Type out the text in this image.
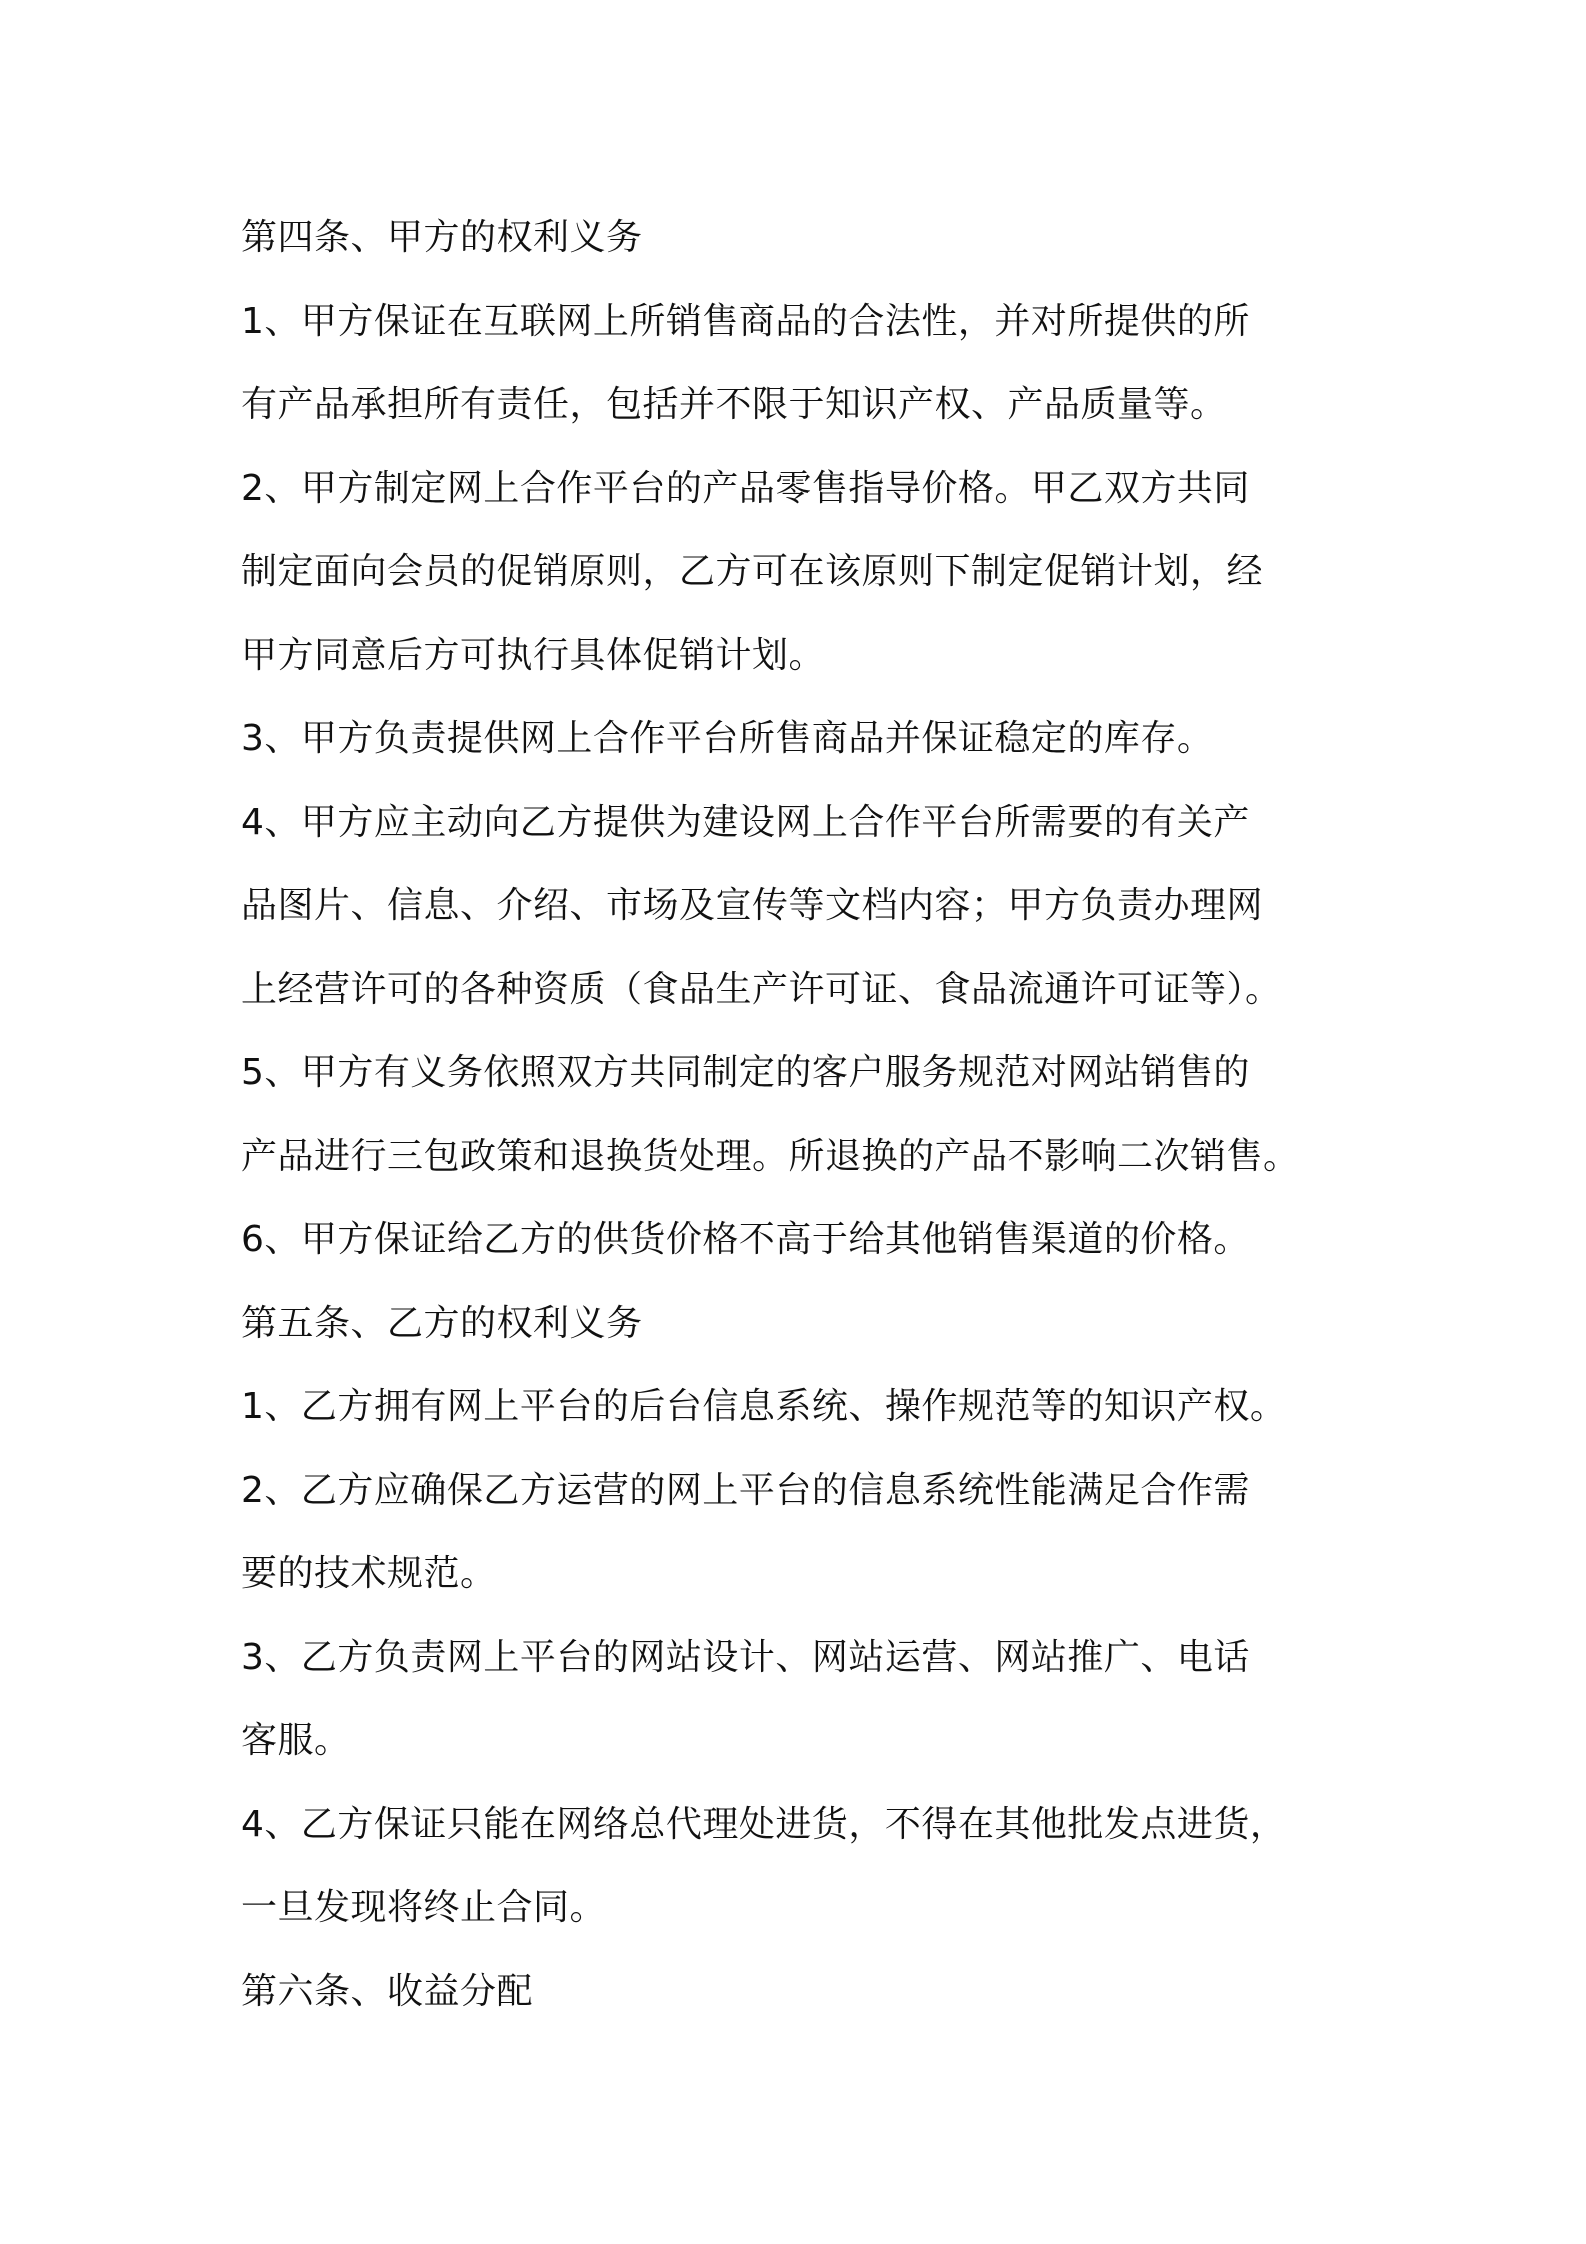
第四条、甲方的权利义务
1、甲方保证在互联网上所销售商品的合法性，并对所提供的所
有产品承担所有责任，包括并不限于知识产权、产品质量等。
2、甲方制定网上合作平台的产品零售指导价格。甲乙双方共同
制定面向会员的促销原则，乙方可在该原则下制定促销计划，经
甲方同意后方可执行具体促销计划。
3、甲方负责提供网上合作平台所售商品并保证稳定的库存。
4、甲方应主动向乙方提供为建设网上合作平台所需要的有关产
品图片、信息、介绍、市场及宣传等文档内容；甲方负责办理网
上经营许可的各种资质（食品生产许可证、食品流通许可证等）。
5、甲方有义务依照双方共同制定的客户服务规范对网站销售的
产品进行三包政策和退换货处理。所退换的产品不影响二次销售。
6、甲方保证给乙方的供货价格不高于给其他销售渠道的价格。
第五条、乙方的权利义务
1、乙方拥有网上平台的后台信息系统、操作规范等的知识产权。
2、乙方应确保乙方运营的网上平台的信息系统性能满足合作需
要的技术规范。
3、乙方负责网上平台的网站设计、网站运营、网站推广、电话
客服。
4、乙方保证只能在网络总代理处进货，不得在其他批发点进货，
一旦发现将终止合同。
第六条、收益分配
